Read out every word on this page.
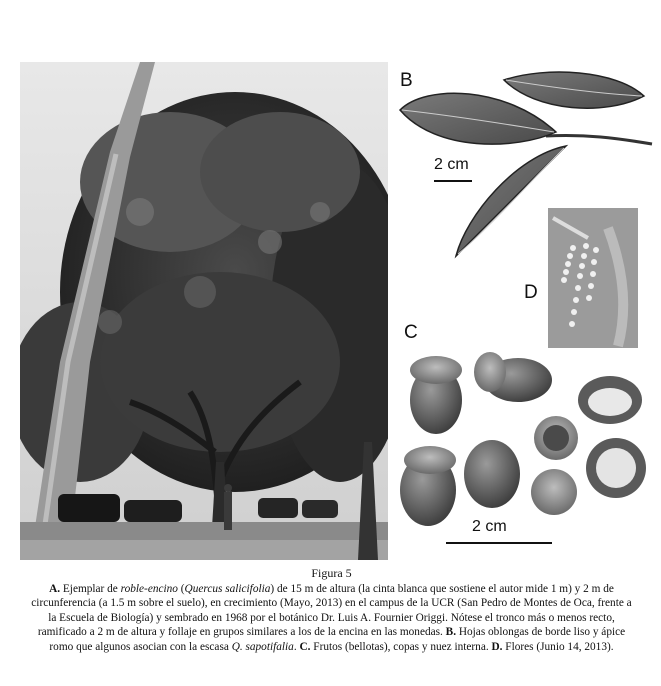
B
2 cm
D
C
2 cm
Figura 5
A. Ejemplar de roble-encino (Quercus salicifolia) de 15 m de altura (la cinta blanca que sostiene el autor mide 1 m) y 2 m de circunferencia (a 1.5 m sobre el suelo), en crecimiento (Mayo, 2013) en el campus de la UCR (San Pedro de Montes de Oca, frente a la Escuela de Biología) y sembrado en 1968 por el botánico Dr. Luis A. Fournier Origgi. Nótese el tronco más o menos recto, ramificado a 2 m de altura y follaje en grupos similares a los de la encina en las monedas. B. Hojas oblongas de borde liso y ápice romo que algunos asocian con la escasa Q. sapotifalia. C. Frutos (bellotas), copas y nuez interna. D. Flores (Junio 14, 2013).
